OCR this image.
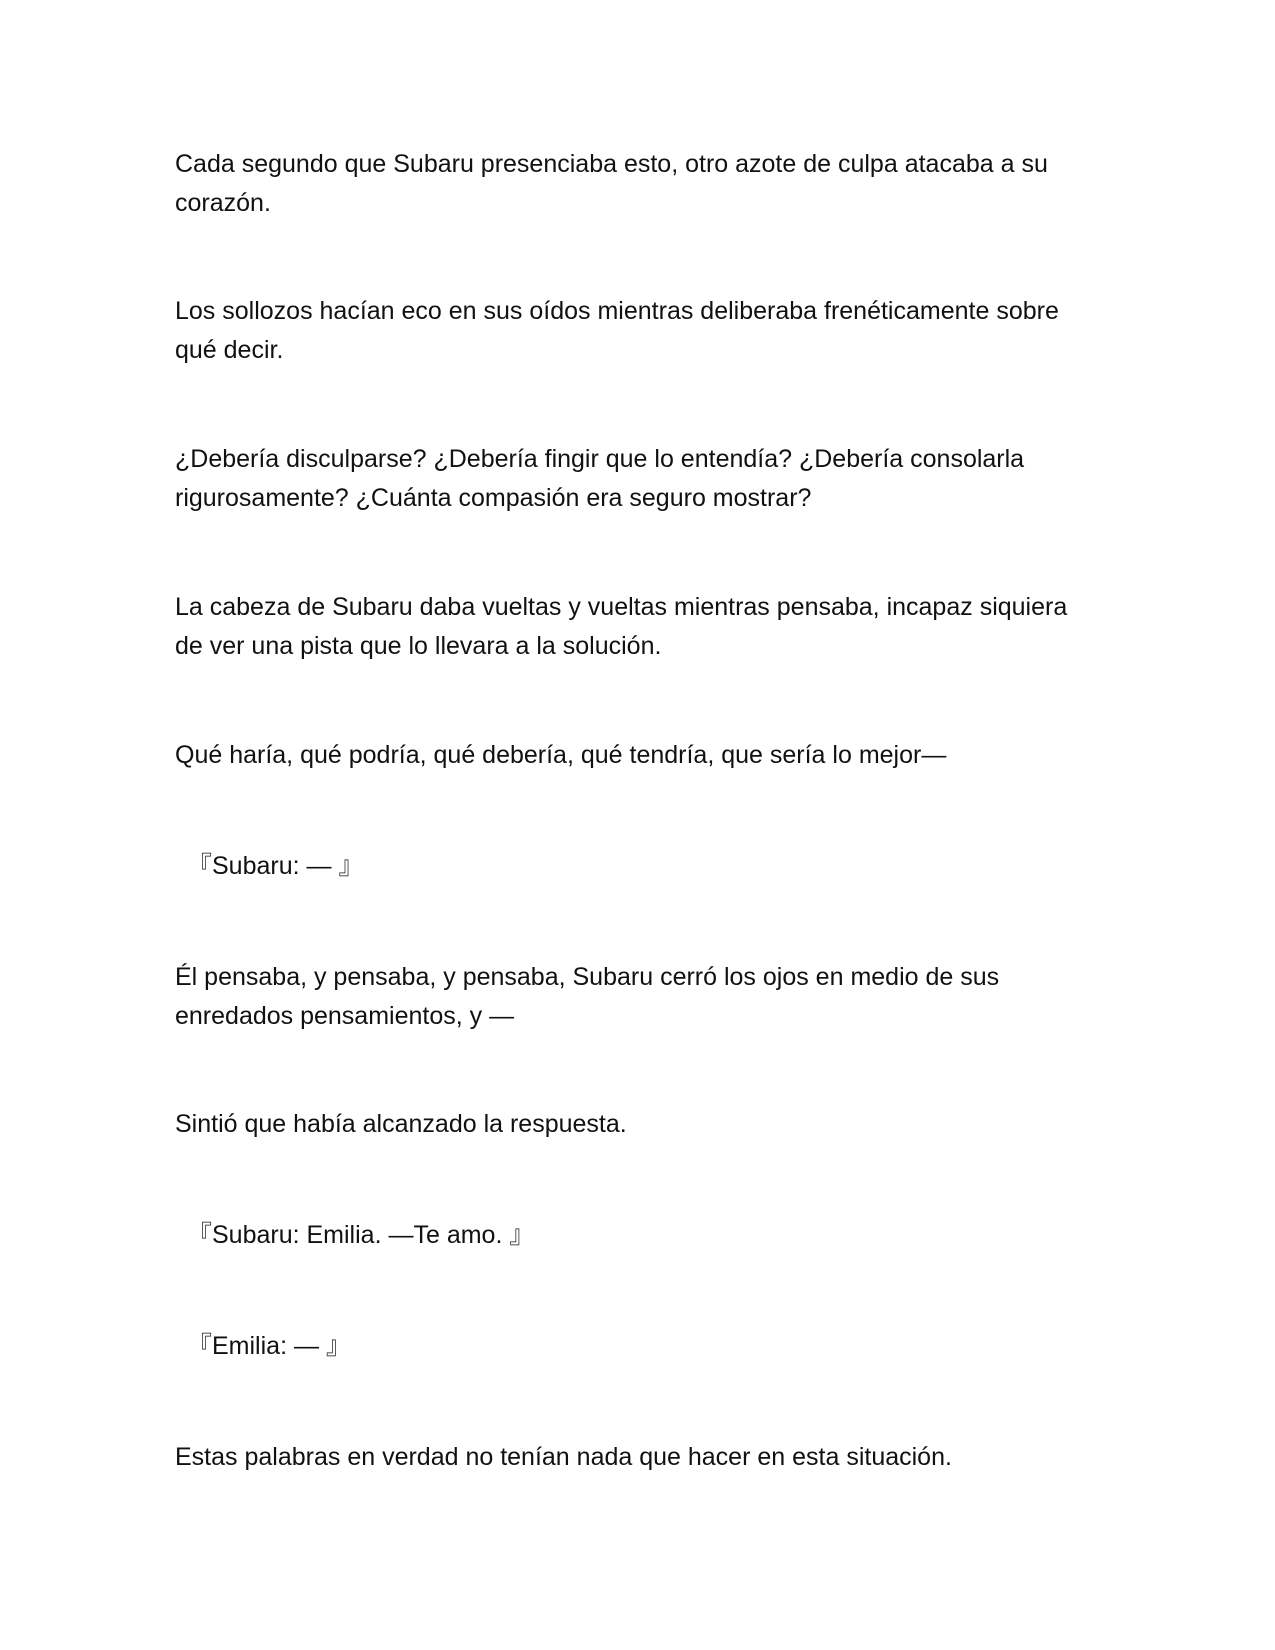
Cada segundo que Subaru presenciaba esto, otro azote de culpa atacaba a su corazón.

Los sollozos hacían eco en sus oídos mientras deliberaba frenéticamente sobre qué decir.

¿Debería disculparse? ¿Debería fingir que lo entendía? ¿Debería consolarla rigurosamente? ¿Cuánta compasión era seguro mostrar?

La cabeza de Subaru daba vueltas y vueltas mientras pensaba, incapaz siquiera de ver una pista que lo llevara a la solución.

Qué haría, qué podría, qué debería, qué tendría, que sería lo mejor—

『Subaru: — 』

Él pensaba, y pensaba, y pensaba, Subaru cerró los ojos en medio de sus enredados pensamientos, y —

Sintió que había alcanzado la respuesta.

『Subaru: Emilia. —Te amo. 』

『Emilia: — 』

Estas palabras en verdad no tenían nada que hacer en esta situación.
